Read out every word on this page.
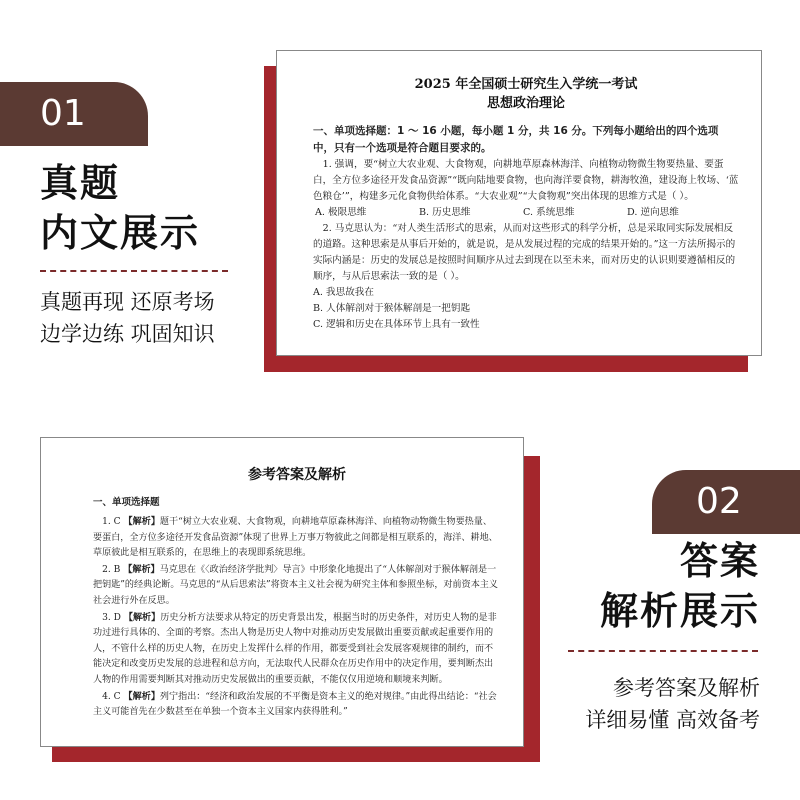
01
真题
内文展示
真题再现 还原考场
边学边练 巩固知识
2025 年全国硕士研究生入学统一考试
思想政治理论

一、单项选择题：1 ～ 16 小题，每小题 1 分，共 16 分。下列每小题给出的四个选项中，只有一个选项是符合题目要求的。

1. 强调，要“树立大农业观、大食物观，向耕地草原森林海洋、向植物动物微生物要热量、要蛋白，全方位多途径开发食品资源”“既向陆地要食物，也向海洋要食物，耕海牧渔，建设海上牧场、‘蓝色粮仓’”，构建多元化食物供给体系。“大农业观”“大食物观”突出体现的思维方式是（ ）。

A. 极限思维	B. 历史思维	C. 系统思维	D. 逆向思维

2. 马克思认为：“对人类生活形式的思索，从而对这些形式的科学分析，总是采取同实际发展相反的道路。这种思索是从事后开始的，就是说，是从发展过程的完成的结果开始的。”这一方法所揭示的实际内涵是：历史的发展总是按照时间顺序从过去到现在以至未来，而对历史的认识则要遵循相反的顺序，与从后思索法一致的是（ ）。

A. 我思故我在

B. 人体解剖对于猴体解剖是一把钥匙

C. 逻辑和历史在具体环节上具有一致性

参考答案及解析
一、单项选择题

1. C 【解析】题干“树立大农业观、大食物观，向耕地草原森林海洋、向植物动物微生物要热量、要蛋白，全方位多途径开发食品资源”体现了世界上万事万物彼此之间都是相互联系的，海洋、耕地、草原彼此是相互联系的，在思维上的表现即系统思维。

2. B 【解析】马克思在《〈政治经济学批判〉导言》中形象化地提出了“人体解剖对于猴体解剖是一把钥匙”的经典论断。马克思的“从后思索法”将资本主义社会视为研究主体和参照坐标，对前资本主义社会进行外在反思。

3. D 【解析】历史分析方法要求从特定的历史背景出发，根据当时的历史条件，对历史人物的是非功过进行具体的、全面的考察。杰出人物是历史人物中对推动历史发展做出重要贡献或起重要作用的人，不管什么样的历史人物，在历史上发挥什么样的作用，都要受到社会发展客观规律的制约，而不能决定和改变历史发展的总进程和总方向，无法取代人民群众在历史作用中的决定作用，要判断杰出人物的作用需要判断其对推动历史发展做出的重要贡献，不能仅仅用逆境和顺境来判断。

4. C 【解析】列宁指出：“经济和政治发展的不平衡是资本主义的绝对规律。”由此得出结论：“社会主义可能首先在少数甚至在单独一个资本主义国家内获得胜利。”

02
答案
解析展示
参考答案及解析
详细易懂 高效备考
